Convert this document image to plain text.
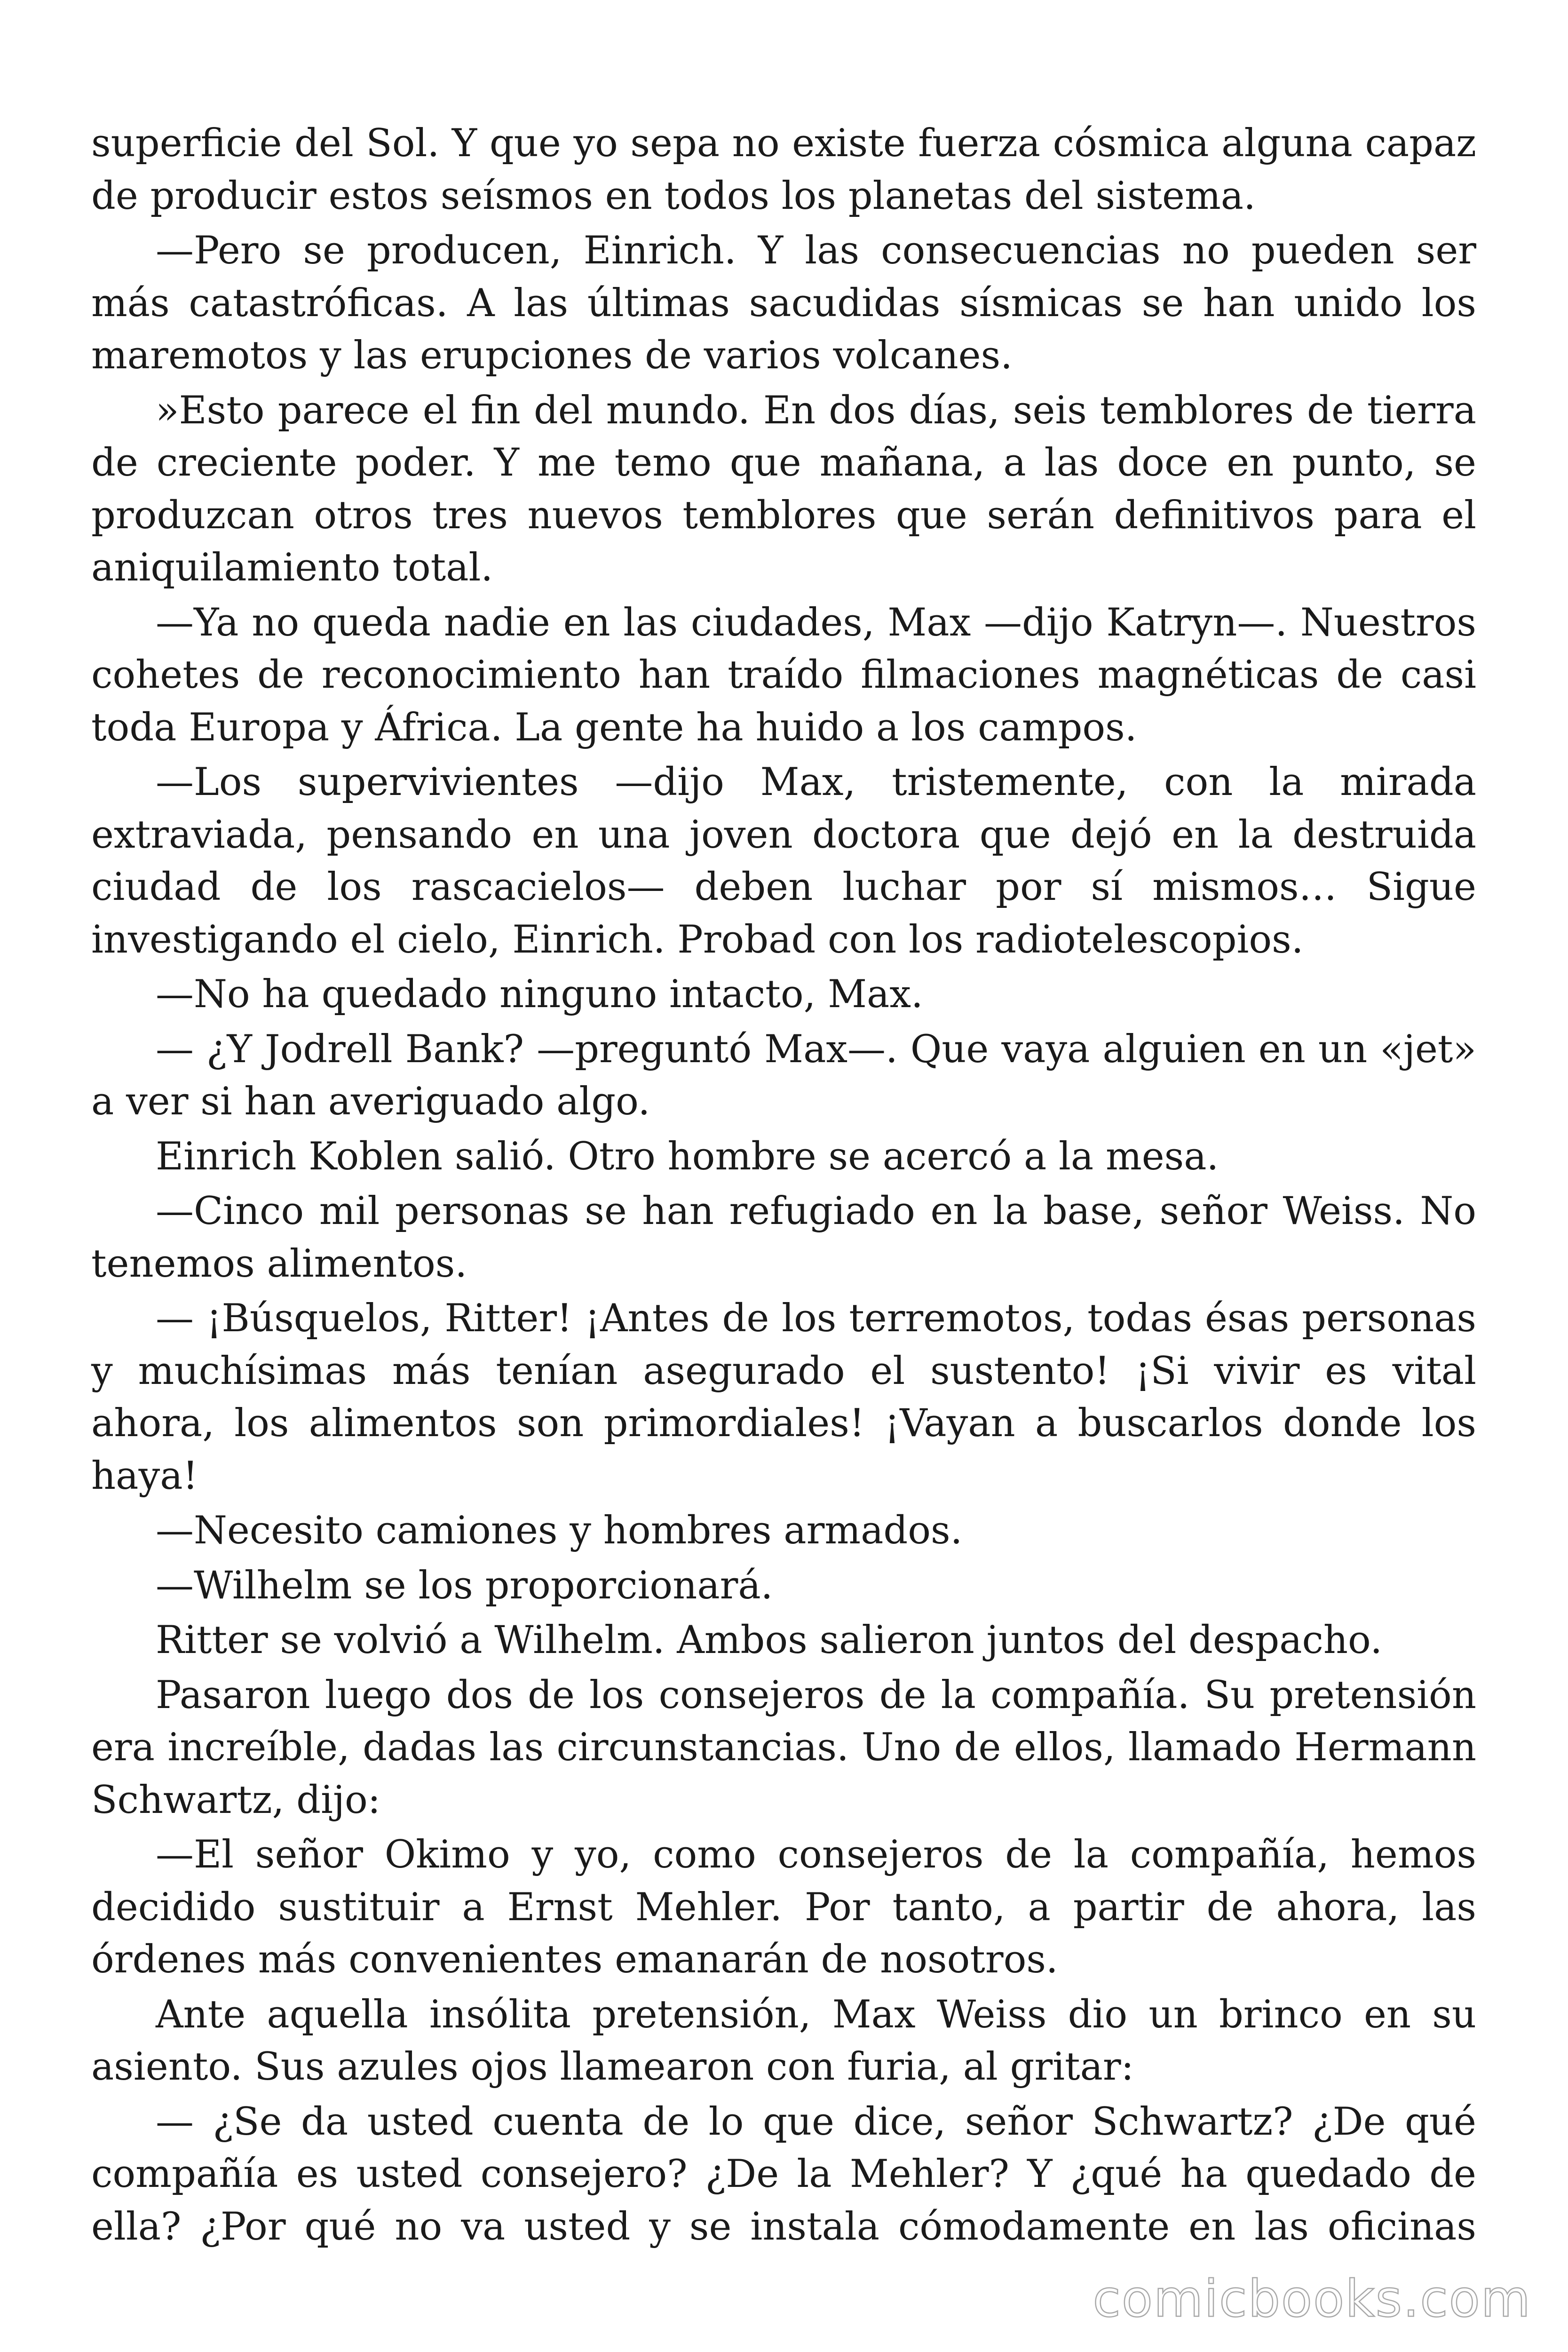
superficie del Sol. Y que yo sepa no existe fuerza cósmica alguna capaz de producir estos seísmos en todos los planetas del sistema.

—Pero se producen, Einrich. Y las consecuencias no pueden ser más catastróficas. A las últimas sacudidas sísmicas se han unido los maremotos y las erupciones de varios volcanes.

»Esto parece el fin del mundo. En dos días, seis temblores de tierra de creciente poder. Y me temo que mañana, a las doce en punto, se produzcan otros tres nuevos temblores que serán definitivos para el aniquilamiento total.

—Ya no queda nadie en las ciudades, Max —dijo Katryn—. Nuestros cohetes de reconocimiento han traído filmaciones magnéticas de casi toda Europa y África. La gente ha huido a los campos.

—Los supervivientes —dijo Max, tristemente, con la mirada extraviada, pensando en una joven doctora que dejó en la destruida ciudad de los rascacielos— deben luchar por sí mismos… Sigue investigando el cielo, Einrich. Probad con los radiotelescopios.

—No ha quedado ninguno intacto, Max.

— ¿Y Jodrell Bank? —preguntó Max—. Que vaya alguien en un «jet» a ver si han averiguado algo.

Einrich Koblen salió. Otro hombre se acercó a la mesa.

—Cinco mil personas se han refugiado en la base, señor Weiss. No tenemos alimentos.

— ¡Búsquelos, Ritter! ¡Antes de los terremotos, todas ésas personas y muchísimas más tenían asegurado el sustento! ¡Si vivir es vital ahora, los alimentos son primordiales! ¡Vayan a buscarlos donde los haya!

—Necesito camiones y hombres armados.

—Wilhelm se los proporcionará.

Ritter se volvió a Wilhelm. Ambos salieron juntos del despacho.

Pasaron luego dos de los consejeros de la compañía. Su pretensión era increíble, dadas las circunstancias. Uno de ellos, llamado Hermann Schwartz, dijo:

—El señor Okimo y yo, como consejeros de la compañía, hemos decidido sustituir a Ernst Mehler. Por tanto, a partir de ahora, las órdenes más convenientes emanarán de nosotros.

Ante aquella insólita pretensión, Max Weiss dio un brinco en su asiento. Sus azules ojos llamearon con furia, al gritar:

— ¿Se da usted cuenta de lo que dice, señor Schwartz? ¿De qué compañía es usted consejero? ¿De la Mehler? Y ¿qué ha quedado de ella? ¿Por qué no va usted y se instala cómodamente en las oficinas

comicbooks.com
